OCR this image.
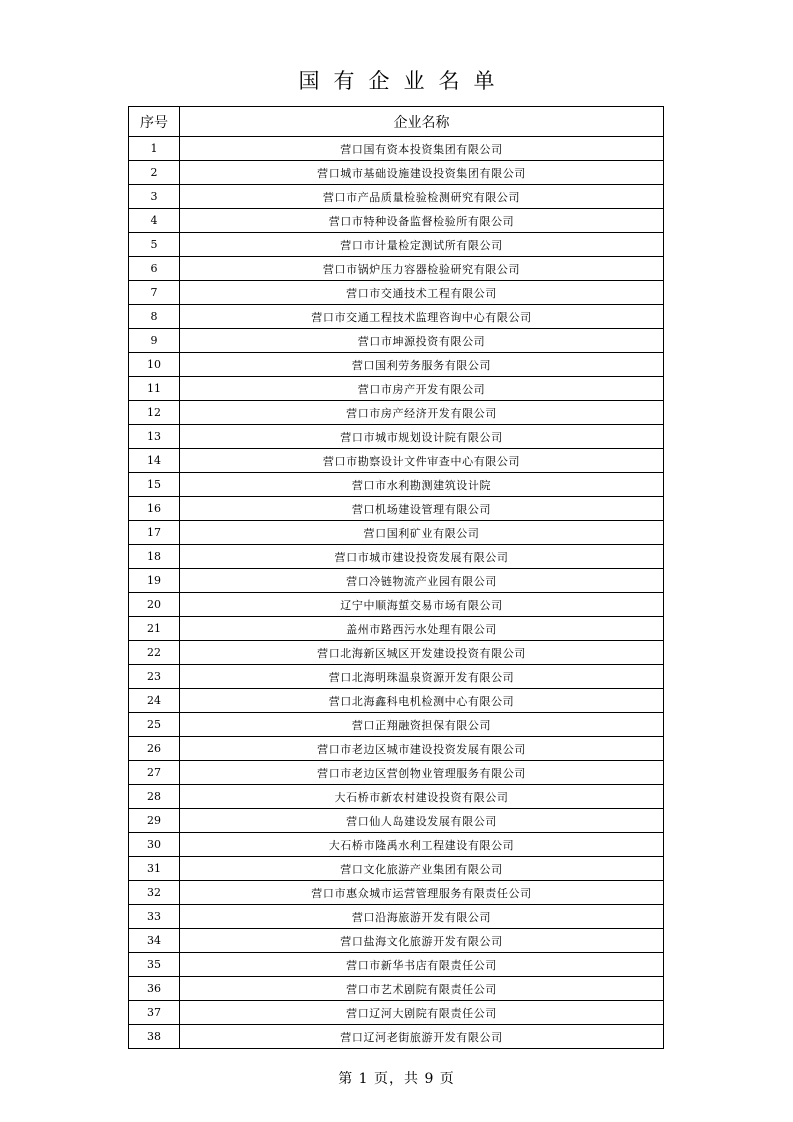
国有企业名单
序号	企业名称
1	营口国有资本投资集团有限公司
2	营口城市基础设施建设投资集团有限公司
3	营口市产品质量检验检测研究有限公司
4	营口市特种设备监督检验所有限公司
5	营口市计量检定测试所有限公司
6	营口市锅炉压力容器检验研究有限公司
7	营口市交通技术工程有限公司
8	营口市交通工程技术监理咨询中心有限公司
9	营口市坤源投资有限公司
10	营口国利劳务服务有限公司
11	营口市房产开发有限公司
12	营口市房产经济开发有限公司
13	营口市城市规划设计院有限公司
14	营口市勘察设计文件审查中心有限公司
15	营口市水利勘测建筑设计院
16	营口机场建设管理有限公司
17	营口国利矿业有限公司
18	营口市城市建设投资发展有限公司
19	营口冷链物流产业园有限公司
20	辽宁中顺海蜇交易市场有限公司
21	盖州市路西污水处理有限公司
22	营口北海新区城区开发建设投资有限公司
23	营口北海明珠温泉资源开发有限公司
24	营口北海鑫科电机检测中心有限公司
25	营口正翔融资担保有限公司
26	营口市老边区城市建设投资发展有限公司
27	营口市老边区营创物业管理服务有限公司
28	大石桥市新农村建设投资有限公司
29	营口仙人岛建设发展有限公司
30	大石桥市隆禹水利工程建设有限公司
31	营口文化旅游产业集团有限公司
32	营口市惠众城市运营管理服务有限责任公司
33	营口沿海旅游开发有限公司
34	营口盐海文化旅游开发有限公司
35	营口市新华书店有限责任公司
36	营口市艺术剧院有限责任公司
37	营口辽河大剧院有限责任公司
38	营口辽河老街旅游开发有限公司
第 1 页，共 9 页
